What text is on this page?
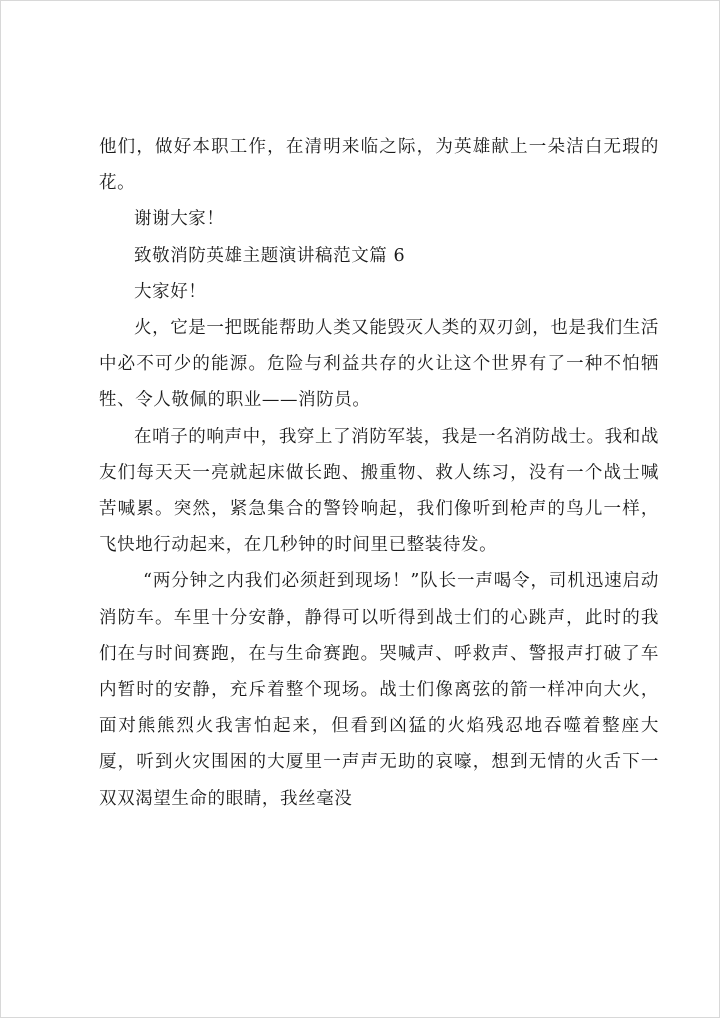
他们，做好本职工作，在清明来临之际，为英雄献上一朵洁白无瑕的花。

谢谢大家！

致敬消防英雄主题演讲稿范文篇 6

大家好！

火，它是一把既能帮助人类又能毁灭人类的双刃剑，也是我们生活中必不可少的能源。危险与利益共存的火让这个世界有了一种不怕牺牲、令人敬佩的职业——消防员。

在哨子的响声中，我穿上了消防军装，我是一名消防战士。我和战友们每天天一亮就起床做长跑、搬重物、救人练习，没有一个战士喊苦喊累。突然，紧急集合的警铃响起，我们像听到枪声的鸟儿一样，飞快地行动起来，在几秒钟的时间里已整装待发。

“两分钟之内我们必须赶到现场！”队长一声喝令，司机迅速启动消防车。车里十分安静，静得可以听得到战士们的心跳声，此时的我们在与时间赛跑，在与生命赛跑。哭喊声、呼救声、警报声打破了车内暂时的安静，充斥着整个现场。战士们像离弦的箭一样冲向大火，面对熊熊烈火我害怕起来，但看到凶猛的火焰残忍地吞噬着整座大厦，听到火灾围困的大厦里一声声无助的哀嚎，想到无情的火舌下一双双渴望生命的眼睛，我丝毫没
